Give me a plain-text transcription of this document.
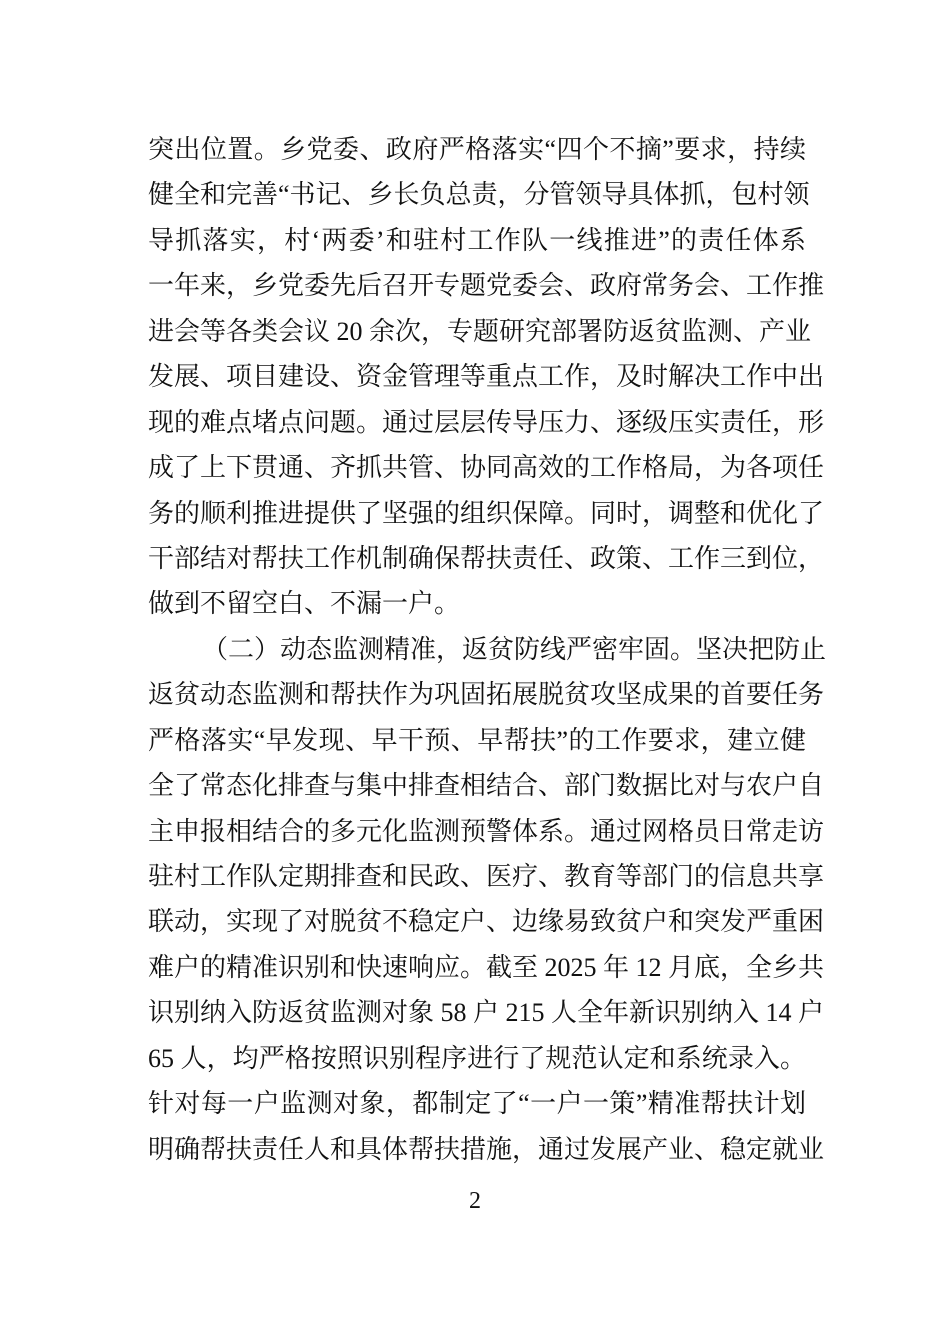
突出位置。乡党委、政府严格落实“四个不摘”要求，持续
健全和完善“书记、乡长负总责，分管领导具体抓，包村领
导抓落实，村‘两委’和驻村工作队一线推进”的责任体系
一年来，乡党委先后召开专题党委会、政府常务会、工作推
进会等各类会议 20 余次，专题研究部署防返贫监测、产业
发展、项目建设、资金管理等重点工作，及时解决工作中出
现的难点堵点问题。通过层层传导压力、逐级压实责任，形
成了上下贯通、齐抓共管、协同高效的工作格局，为各项任
务的顺利推进提供了坚强的组织保障。同时，调整和优化了
干部结对帮扶工作机制确保帮扶责任、政策、工作三到位，
做到不留空白、不漏一户。
（二）动态监测精准，返贫防线严密牢固。坚决把防止
返贫动态监测和帮扶作为巩固拓展脱贫攻坚成果的首要任务
严格落实“早发现、早干预、早帮扶”的工作要求，建立健
全了常态化排查与集中排查相结合、部门数据比对与农户自
主申报相结合的多元化监测预警体系。通过网格员日常走访
驻村工作队定期排查和民政、医疗、教育等部门的信息共享
联动，实现了对脱贫不稳定户、边缘易致贫户和突发严重困
难户的精准识别和快速响应。截至 2025 年 12 月底，全乡共
识别纳入防返贫监测对象 58 户 215 人全年新识别纳入 14 户
65 人，均严格按照识别程序进行了规范认定和系统录入。
针对每一户监测对象，都制定了“一户一策”精准帮扶计划
明确帮扶责任人和具体帮扶措施，通过发展产业、稳定就业
2
